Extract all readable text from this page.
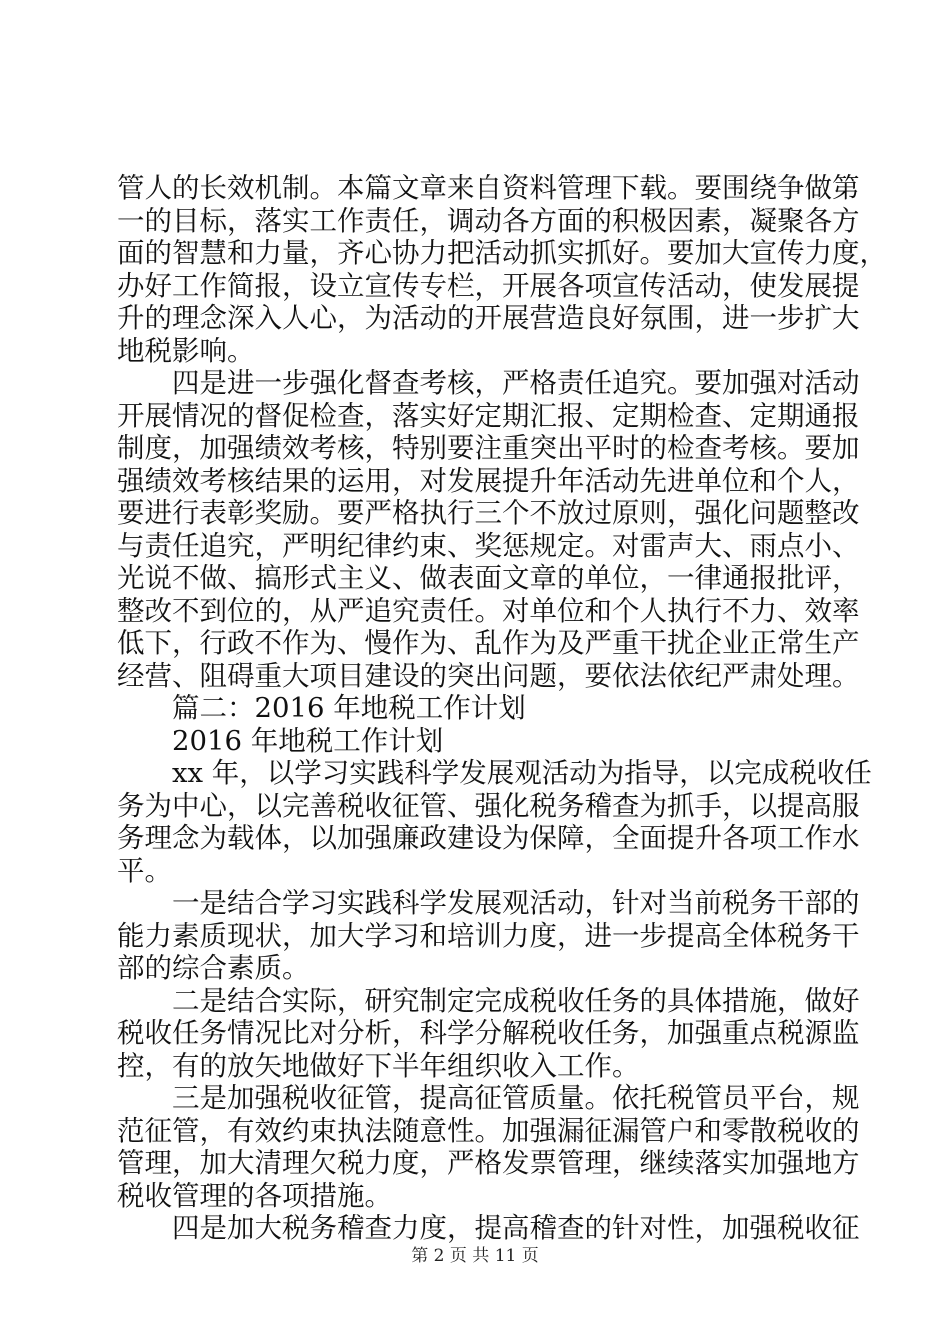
管人的长效机制。本篇文章来自资料管理下载。要围绕争做第
一的目标，落实工作责任，调动各方面的积极因素，凝聚各方
面的智慧和力量，齐心协力把活动抓实抓好。要加大宣传力度，
办好工作简报，设立宣传专栏，开展各项宣传活动，使发展提
升的理念深入人心，为活动的开展营造良好氛围，进一步扩大
地税影响。
　　四是进一步强化督查考核，严格责任追究。要加强对活动
开展情况的督促检查，落实好定期汇报、定期检查、定期通报
制度，加强绩效考核，特别要注重突出平时的检查考核。要加
强绩效考核结果的运用，对发展提升年活动先进单位和个人，
要进行表彰奖励。要严格执行三个不放过原则，强化问题整改
与责任追究，严明纪律约束、奖惩规定。对雷声大、雨点小、
光说不做、搞形式主义、做表面文章的单位，一律通报批评，
整改不到位的，从严追究责任。对单位和个人执行不力、效率
低下，行政不作为、慢作为、乱作为及严重干扰企业正常生产
经营、阻碍重大项目建设的突出问题，要依法依纪严肃处理。
　　篇二：2016 年地税工作计划
　　2016 年地税工作计划
　　xx 年，以学习实践科学发展观活动为指导，以完成税收任
务为中心，以完善税收征管、强化税务稽查为抓手，以提高服
务理念为载体，以加强廉政建设为保障，全面提升各项工作水
平。
　　一是结合学习实践科学发展观活动，针对当前税务干部的
能力素质现状，加大学习和培训力度，进一步提高全体税务干
部的综合素质。
　　二是结合实际，研究制定完成税收任务的具体措施，做好
税收任务情况比对分析，科学分解税收任务，加强重点税源监
控，有的放矢地做好下半年组织收入工作。
　　三是加强税收征管，提高征管质量。依托税管员平台，规
范征管，有效约束执法随意性。加强漏征漏管户和零散税收的
管理，加大清理欠税力度，严格发票管理，继续落实加强地方
税收管理的各项措施。
　　四是加大税务稽查力度，提高稽查的针对性，加强税收征
第 2 页 共 11 页
